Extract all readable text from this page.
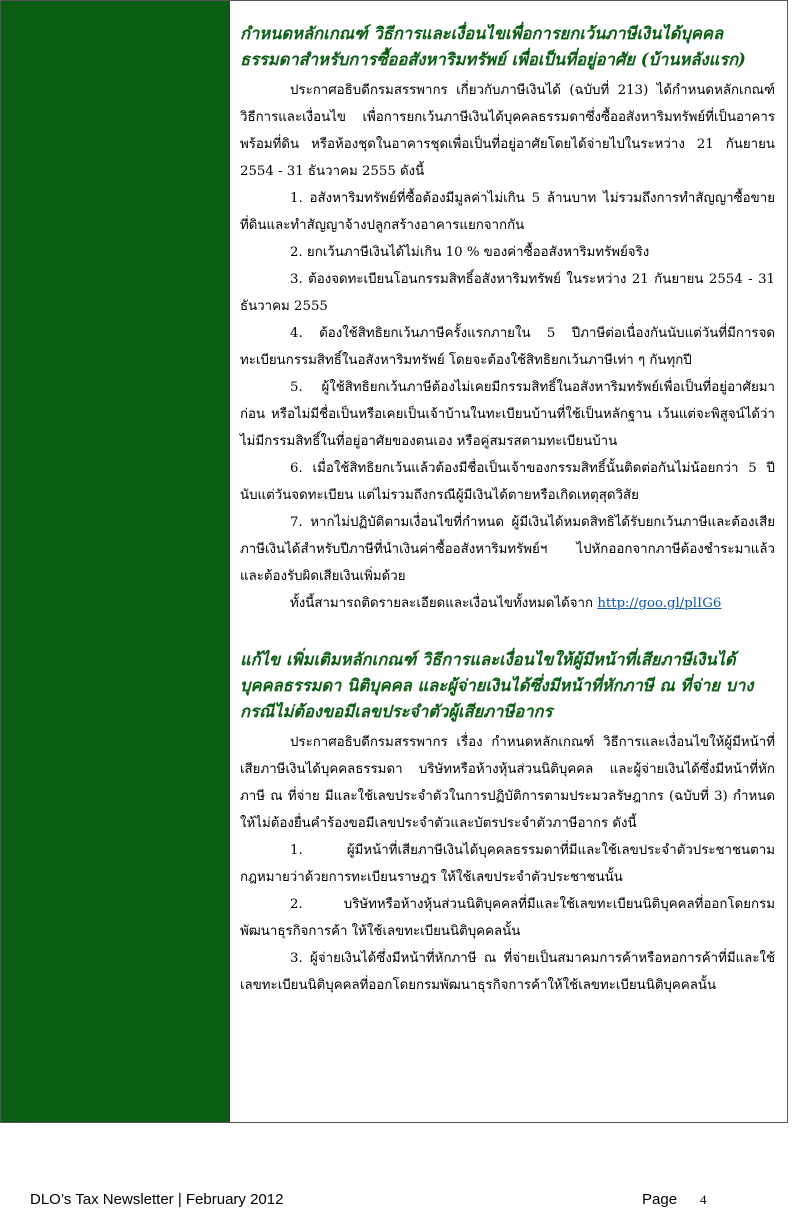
กำหนดหลักเกณฑ์ วิธีการและเงื่อนไขเพื่อการยกเว้นภาษีเงินได้บุคคลธรรมดาสำหรับการซื้ออสังหาริมทรัพย์ เพื่อเป็นที่อยู่อาศัย (บ้านหลังแรก)

ประกาศอธิบดีกรมสรรพากร เกี่ยวกับภาษีเงินได้ (ฉบับที่ 213) ได้กำหนดหลักเกณฑ์ วิธีการและเงื่อนไข เพื่อการยกเว้นภาษีเงินได้บุคคลธรรมดาซึ่งซื้ออสังหาริมทรัพย์ที่เป็นอาคารพร้อมที่ดิน หรือห้องชุดในอาคารชุดเพื่อเป็นที่อยู่อาศัยโดยได้จ่ายไปในระหว่าง 21 กันยายน 2554 - 31 ธันวาคม 2555 ดังนี้

1. อสังหาริมทรัพย์ที่ซื้อต้องมีมูลค่าไม่เกิน 5 ล้านบาท ไม่รวมถึงการทำสัญญาซื้อขายที่ดินและทำสัญญาจ้างปลูกสร้างอาคารแยกจากกัน

2. ยกเว้นภาษีเงินได้ไม่เกิน 10 % ของค่าซื้ออสังหาริมทรัพย์จริง

3. ต้องจดทะเบียนโอนกรรมสิทธิ์อสังหาริมทรัพย์ ในระหว่าง 21 กันยายน 2554 - 31 ธันวาคม 2555

4. ต้องใช้สิทธิยกเว้นภาษีครั้งแรกภายใน 5 ปีภาษีต่อเนื่องกันนับแต่วันที่มีการจดทะเบียนกรรมสิทธิ์ในอสังหาริมทรัพย์ โดยจะต้องใช้สิทธิยกเว้นภาษีเท่า ๆ กันทุกปี

5. ผู้ใช้สิทธิยกเว้นภาษีต้องไม่เคยมีกรรมสิทธิ์ในอสังหาริมทรัพย์เพื่อเป็นที่อยู่อาศัยมาก่อน หรือไม่มีชื่อเป็นหรือเคยเป็นเจ้าบ้านในทะเบียนบ้านที่ใช้เป็นหลักฐาน เว้นแต่จะพิสูจน์ได้ว่าไม่มีกรรมสิทธิ์ในที่อยู่อาศัยของตนเอง หรือคู่สมรสตามทะเบียนบ้าน

6. เมื่อใช้สิทธิยกเว้นแล้วต้องมีชื่อเป็นเจ้าของกรรมสิทธิ์นั้นติดต่อกันไม่น้อยกว่า 5 ปี นับแต่วันจดทะเบียน แต่ไม่รวมถึงกรณีผู้มีเงินได้ตายหรือเกิดเหตุสุดวิสัย

7. หากไม่ปฏิบัติตามเงื่อนไขที่กำหนด ผู้มีเงินได้หมดสิทธิได้รับยกเว้นภาษีและต้องเสียภาษีเงินได้สำหรับปีภาษีที่นำเงินค่าซื้ออสังหาริมทรัพย์ฯ ไปหักออกจากภาษีต้องชำระมาแล้ว และต้องรับผิดเสียเงินเพิ่มด้วย

ทั้งนี้สามารถติดรายละเอียดและเงื่อนไขทั้งหมดได้จาก http://goo.gl/plIG6

แก้ไข เพิ่มเติมหลักเกณฑ์ วิธีการและเงื่อนไขให้ผู้มีหน้าที่เสียภาษีเงินได้บุคคลธรรมดา นิติบุคคล และผู้จ่ายเงินได้ซึ่งมีหน้าที่หักภาษี ณ ที่จ่าย บางกรณีไม่ต้องขอมีเลขประจำตัวผู้เสียภาษีอากร

ประกาศอธิบดีกรมสรรพากร เรื่อง กำหนดหลักเกณฑ์ วิธีการและเงื่อนไขให้ผู้มีหน้าที่เสียภาษีเงินได้บุคคลธรรมดา บริษัทหรือห้างหุ้นส่วนนิติบุคคล และผู้จ่ายเงินได้ซึ่งมีหน้าที่หักภาษี ณ ที่จ่าย มีและใช้เลขประจำตัวในการปฏิบัติการตามประมวลรัษฎากร (ฉบับที่ 3) กำหนดให้ไม่ต้องยื่นคำร้องขอมีเลขประจำตัวและบัตรประจำตัวภาษีอากร ดังนี้

1. ผู้มีหน้าที่เสียภาษีเงินได้บุคคลธรรมดาที่มีและใช้เลขประจำตัวประชาชนตามกฎหมายว่าด้วยการทะเบียนราษฎร ให้ใช้เลขประจำตัวประชาชนนั้น

2. บริษัทหรือห้างหุ้นส่วนนิติบุคคลที่มีและใช้เลขทะเบียนนิติบุคคลที่ออกโดยกรมพัฒนาธุรกิจการค้า ให้ใช้เลขทะเบียนนิติบุคคลนั้น

3. ผู้จ่ายเงินได้ซึ่งมีหน้าที่หักภาษี ณ ที่จ่ายเป็นสมาคมการค้าหรือหอการค้าที่มีและใช้เลขทะเบียนนิติบุคคลที่ออกโดยกรมพัฒนาธุรกิจการค้าให้ใช้เลขทะเบียนนิติบุคคลนั้น

DLO’s Tax Newsletter | February 2012	Page 4
